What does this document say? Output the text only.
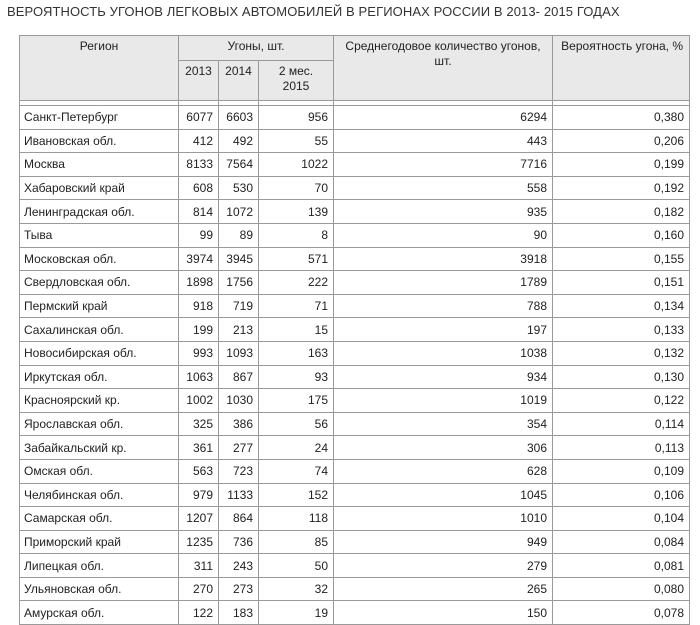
ВЕРОЯТНОСТЬ УГОНОВ ЛЕГКОВЫХ АВТОМОБИЛЕЙ В РЕГИОНАХ РОССИИ В 2013- 2015 ГОДАХ
Регион	Угоны, шт.			Среднегодовое количество угонов, шт.	Вероятность угона, %
	2013	2014	2 мес. 2015		

Санкт-Петербург	6077	6603	956	6294	0,380
Ивановская обл.	412	492	55	443	0,206
Москва	8133	7564	1022	7716	0,199
Хабаровский край	608	530	70	558	0,192
Ленинградская обл.	814	1072	139	935	0,182
Тыва	99	89	8	90	0,160
Московская обл.	3974	3945	571	3918	0,155
Свердловская обл.	1898	1756	222	1789	0,151
Пермский край	918	719	71	788	0,134
Сахалинская обл.	199	213	15	197	0,133
Новосибирская обл.	993	1093	163	1038	0,132
Иркутская обл.	1063	867	93	934	0,130
Красноярский кр.	1002	1030	175	1019	0,122
Ярославская обл.	325	386	56	354	0,114
Забайкальский кр.	361	277	24	306	0,113
Омская обл.	563	723	74	628	0,109
Челябинская обл.	979	1133	152	1045	0,106
Самарская обл.	1207	864	118	1010	0,104
Приморский край	1235	736	85	949	0,084
Липецкая обл.	311	243	50	279	0,081
Ульяновская обл.	270	273	32	265	0,080
Амурская обл.	122	183	19	150	0,078
